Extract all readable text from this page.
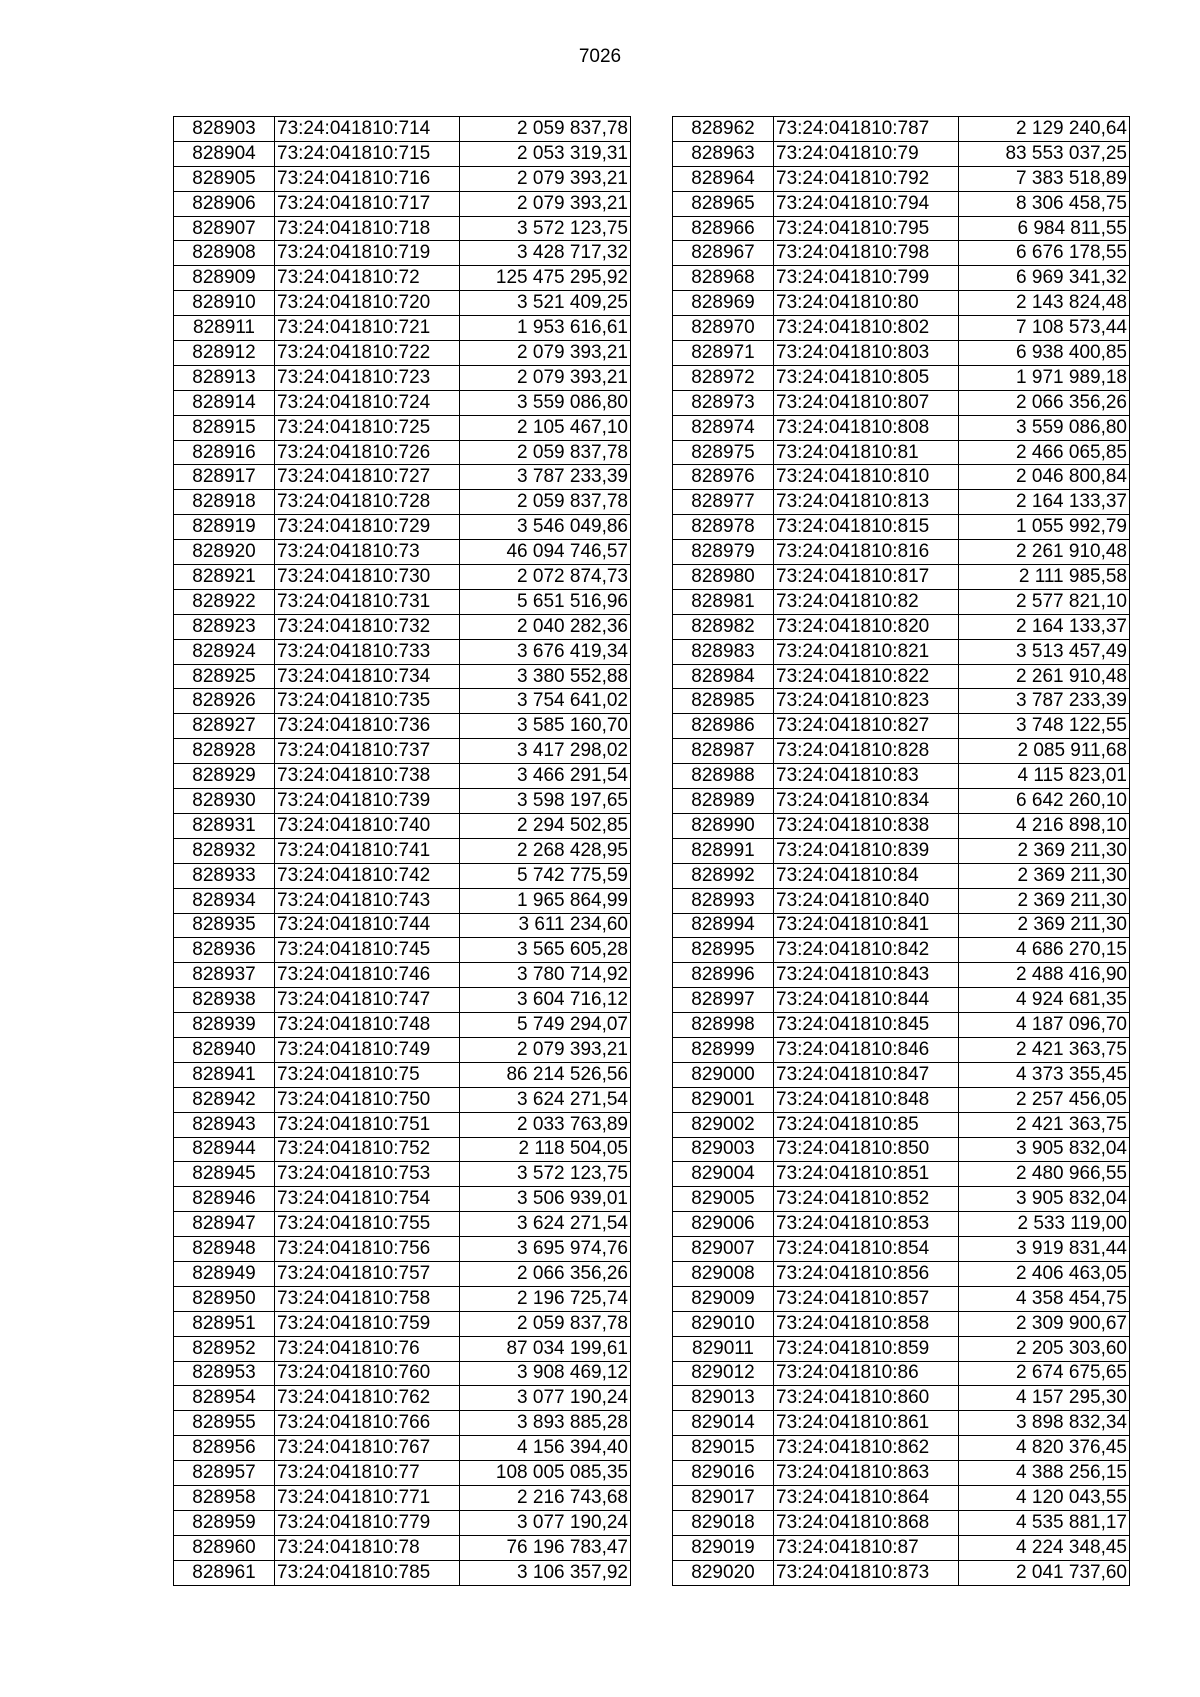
7026
828903	73:24:041810:714	2 059 837,78
828904	73:24:041810:715	2 053 319,31
828905	73:24:041810:716	2 079 393,21
828906	73:24:041810:717	2 079 393,21
828907	73:24:041810:718	3 572 123,75
828908	73:24:041810:719	3 428 717,32
828909	73:24:041810:72	125 475 295,92
828910	73:24:041810:720	3 521 409,25
828911	73:24:041810:721	1 953 616,61
828912	73:24:041810:722	2 079 393,21
828913	73:24:041810:723	2 079 393,21
828914	73:24:041810:724	3 559 086,80
828915	73:24:041810:725	2 105 467,10
828916	73:24:041810:726	2 059 837,78
828917	73:24:041810:727	3 787 233,39
828918	73:24:041810:728	2 059 837,78
828919	73:24:041810:729	3 546 049,86
828920	73:24:041810:73	46 094 746,57
828921	73:24:041810:730	2 072 874,73
828922	73:24:041810:731	5 651 516,96
828923	73:24:041810:732	2 040 282,36
828924	73:24:041810:733	3 676 419,34
828925	73:24:041810:734	3 380 552,88
828926	73:24:041810:735	3 754 641,02
828927	73:24:041810:736	3 585 160,70
828928	73:24:041810:737	3 417 298,02
828929	73:24:041810:738	3 466 291,54
828930	73:24:041810:739	3 598 197,65
828931	73:24:041810:740	2 294 502,85
828932	73:24:041810:741	2 268 428,95
828933	73:24:041810:742	5 742 775,59
828934	73:24:041810:743	1 965 864,99
828935	73:24:041810:744	3 611 234,60
828936	73:24:041810:745	3 565 605,28
828937	73:24:041810:746	3 780 714,92
828938	73:24:041810:747	3 604 716,12
828939	73:24:041810:748	5 749 294,07
828940	73:24:041810:749	2 079 393,21
828941	73:24:041810:75	86 214 526,56
828942	73:24:041810:750	3 624 271,54
828943	73:24:041810:751	2 033 763,89
828944	73:24:041810:752	2 118 504,05
828945	73:24:041810:753	3 572 123,75
828946	73:24:041810:754	3 506 939,01
828947	73:24:041810:755	3 624 271,54
828948	73:24:041810:756	3 695 974,76
828949	73:24:041810:757	2 066 356,26
828950	73:24:041810:758	2 196 725,74
828951	73:24:041810:759	2 059 837,78
828952	73:24:041810:76	87 034 199,61
828953	73:24:041810:760	3 908 469,12
828954	73:24:041810:762	3 077 190,24
828955	73:24:041810:766	3 893 885,28
828956	73:24:041810:767	4 156 394,40
828957	73:24:041810:77	108 005 085,35
828958	73:24:041810:771	2 216 743,68
828959	73:24:041810:779	3 077 190,24
828960	73:24:041810:78	76 196 783,47
828961	73:24:041810:785	3 106 357,92
828962	73:24:041810:787	2 129 240,64
828963	73:24:041810:79	83 553 037,25
828964	73:24:041810:792	7 383 518,89
828965	73:24:041810:794	8 306 458,75
828966	73:24:041810:795	6 984 811,55
828967	73:24:041810:798	6 676 178,55
828968	73:24:041810:799	6 969 341,32
828969	73:24:041810:80	2 143 824,48
828970	73:24:041810:802	7 108 573,44
828971	73:24:041810:803	6 938 400,85
828972	73:24:041810:805	1 971 989,18
828973	73:24:041810:807	2 066 356,26
828974	73:24:041810:808	3 559 086,80
828975	73:24:041810:81	2 466 065,85
828976	73:24:041810:810	2 046 800,84
828977	73:24:041810:813	2 164 133,37
828978	73:24:041810:815	1 055 992,79
828979	73:24:041810:816	2 261 910,48
828980	73:24:041810:817	2 111 985,58
828981	73:24:041810:82	2 577 821,10
828982	73:24:041810:820	2 164 133,37
828983	73:24:041810:821	3 513 457,49
828984	73:24:041810:822	2 261 910,48
828985	73:24:041810:823	3 787 233,39
828986	73:24:041810:827	3 748 122,55
828987	73:24:041810:828	2 085 911,68
828988	73:24:041810:83	4 115 823,01
828989	73:24:041810:834	6 642 260,10
828990	73:24:041810:838	4 216 898,10
828991	73:24:041810:839	2 369 211,30
828992	73:24:041810:84	2 369 211,30
828993	73:24:041810:840	2 369 211,30
828994	73:24:041810:841	2 369 211,30
828995	73:24:041810:842	4 686 270,15
828996	73:24:041810:843	2 488 416,90
828997	73:24:041810:844	4 924 681,35
828998	73:24:041810:845	4 187 096,70
828999	73:24:041810:846	2 421 363,75
829000	73:24:041810:847	4 373 355,45
829001	73:24:041810:848	2 257 456,05
829002	73:24:041810:85	2 421 363,75
829003	73:24:041810:850	3 905 832,04
829004	73:24:041810:851	2 480 966,55
829005	73:24:041810:852	3 905 832,04
829006	73:24:041810:853	2 533 119,00
829007	73:24:041810:854	3 919 831,44
829008	73:24:041810:856	2 406 463,05
829009	73:24:041810:857	4 358 454,75
829010	73:24:041810:858	2 309 900,67
829011	73:24:041810:859	2 205 303,60
829012	73:24:041810:86	2 674 675,65
829013	73:24:041810:860	4 157 295,30
829014	73:24:041810:861	3 898 832,34
829015	73:24:041810:862	4 820 376,45
829016	73:24:041810:863	4 388 256,15
829017	73:24:041810:864	4 120 043,55
829018	73:24:041810:868	4 535 881,17
829019	73:24:041810:87	4 224 348,45
829020	73:24:041810:873	2 041 737,60
